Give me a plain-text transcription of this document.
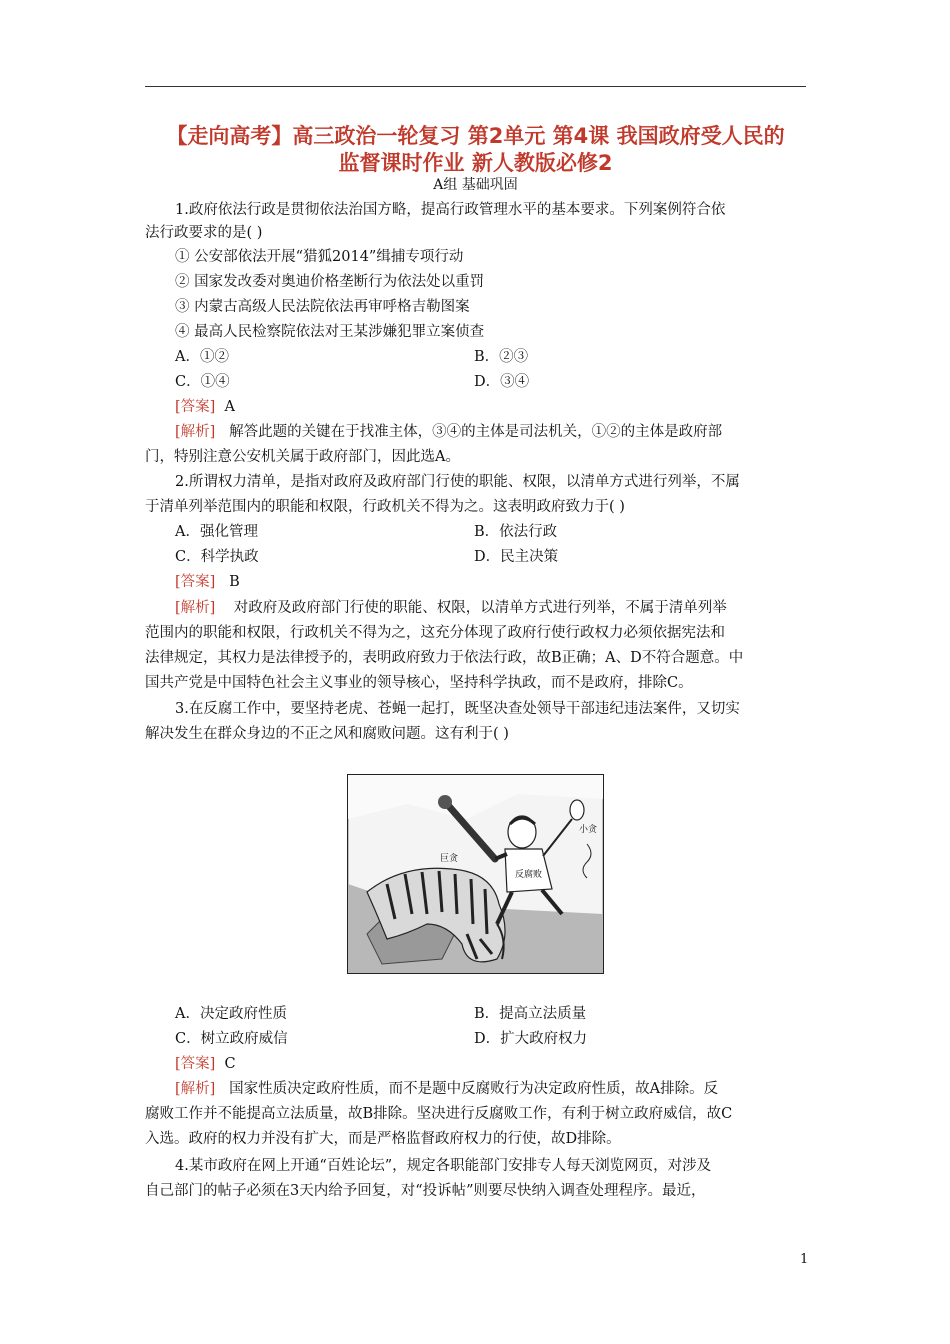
【走向高考】高三政治一轮复习 第2单元 第4课 我国政府受人民的
监督课时作业 新人教版必修2
A组 基础巩固
1.政府依法行政是贯彻依法治国方略，提高行政管理水平的基本要求。下列案例符合依
法行政要求的是( )
① 公安部依法开展“猎狐2014”缉捕专项行动
② 国家发改委对奥迪价格垄断行为依法处以重罚
③ 内蒙古高级人民法院依法再审呼格吉勒图案
④ 最高人民检察院依法对王某涉嫌犯罪立案侦查
A．①②	B．②③
C．①④	D．③④
[答案] A
[解析] 解答此题的关键在于找准主体，③④的主体是司法机关，①②的主体是政府部
门，特别注意公安机关属于政府部门，因此选A。
2.所谓权力清单，是指对政府及政府部门行使的职能、权限，以清单方式进行列举，不属
于清单列举范围内的职能和权限，行政机关不得为之。这表明政府致力于( )
A．强化管理	B．依法行政
C．科学执政	D．民主决策
[答案] B
[解析] 对政府及政府部门行使的职能、权限，以清单方式进行列举，不属于清单列举
范围内的职能和权限，行政机关不得为之，这充分体现了政府行使行政权力必须依据宪法和
法律规定，其权力是法律授予的，表明政府致力于依法行政，故B正确；A、D不符合题意。中
国共产党是中国特色社会主义事业的领导核心，坚持科学执政，而不是政府，排除C。
3.在反腐工作中，要坚持老虎、苍蝇一起打，既坚决查处领导干部违纪违法案件，又切实
解决发生在群众身边的不正之风和腐败问题。这有利于( )
巨贪
反腐败
小贪
A．决定政府性质	B．提高立法质量
C．树立政府威信	D．扩大政府权力
[答案] C
[解析] 国家性质决定政府性质，而不是题中反腐败行为决定政府性质，故A排除。反
腐败工作并不能提高立法质量，故B排除。坚决进行反腐败工作，有利于树立政府威信，故C
入选。政府的权力并没有扩大，而是严格监督政府权力的行使，故D排除。
4.某市政府在网上开通“百姓论坛”，规定各职能部门安排专人每天浏览网页，对涉及
自己部门的帖子必须在3天内给予回复，对“投诉帖”则要尽快纳入调查处理程序。最近，
1
